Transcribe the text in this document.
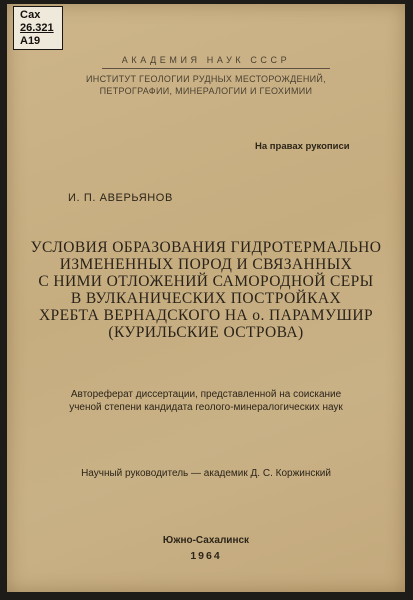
Сах
26.321
А19
АКАДЕМИЯ НАУК СССР
ИНСТИТУТ ГЕОЛОГИИ РУДНЫХ МЕСТОРОЖДЕНИЙ,
ПЕТРОГРАФИИ, МИНЕРАЛОГИИ И ГЕОХИМИИ
На правах рукописи
И. П. АВЕРЬЯНОВ
УСЛОВИЯ ОБРАЗОВАНИЯ ГИДРОТЕРМАЛЬНО
ИЗМЕНЕННЫХ ПОРОД И СВЯЗАННЫХ
С НИМИ ОТЛОЖЕНИЙ САМОРОДНОЙ СЕРЫ
В ВУЛКАНИЧЕСКИХ ПОСТРОЙКАХ
ХРЕБТА ВЕРНАДСКОГО НА о. ПАРАМУШИР
(КУРИЛЬСКИЕ ОСТРОВА)
Автореферат диссертации, представленной на соискание
ученой степени кандидата геолого-минералогических наук
Научный руководитель — академик Д. С. Коржинский
Южно-Сахалинск
1964
